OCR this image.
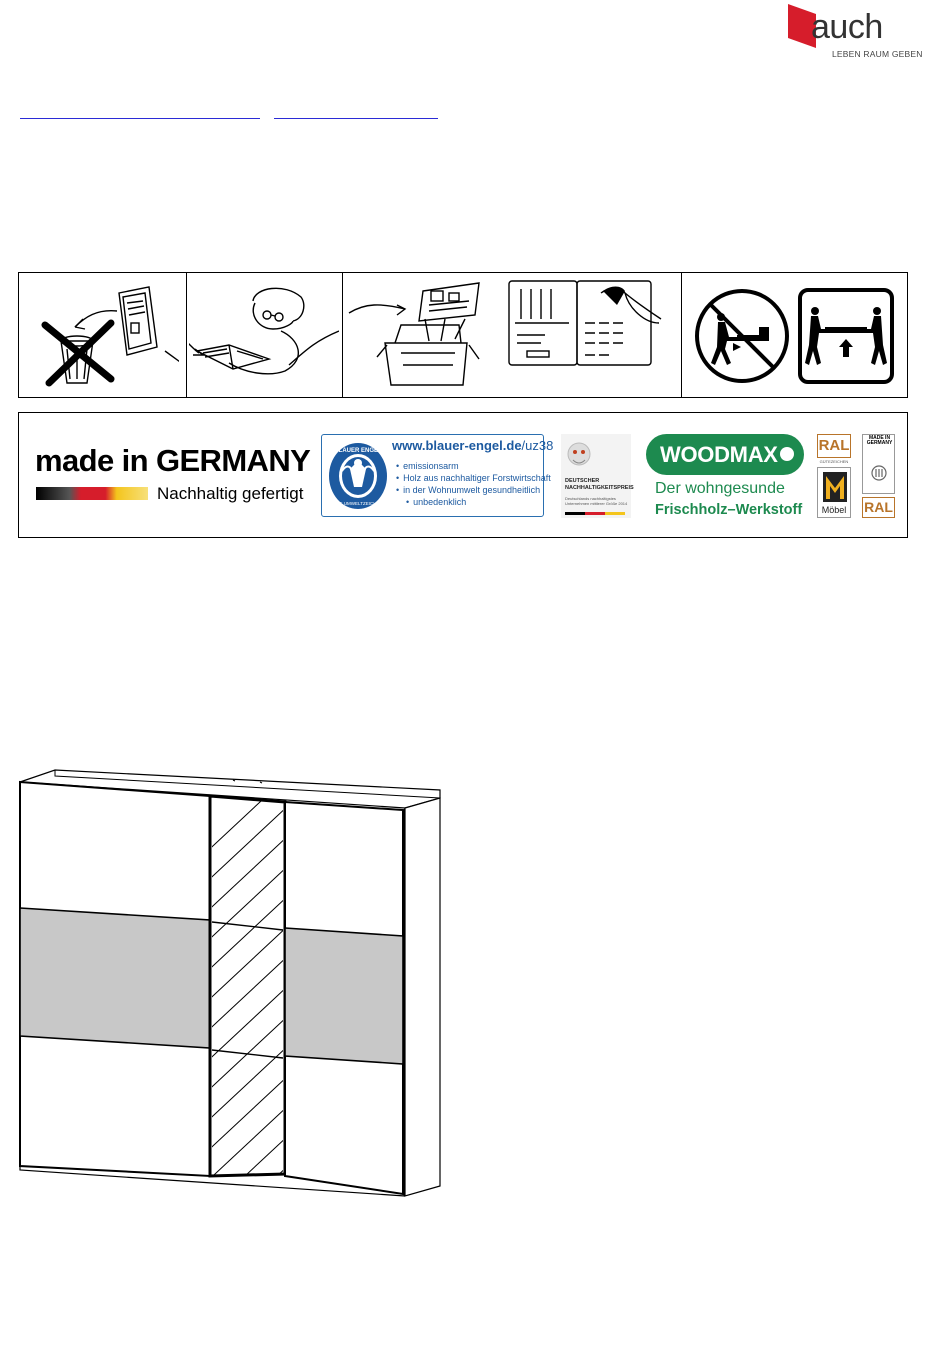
auch
LEBEN RAUM GEBEN
made in GERMANY
Nachhaltig gefertigt
BLAUER ENGEL
DAS UMWELTZEICHEN
www.blauer-engel.de/uz38
• emissionsarm
• Holz aus nachhaltiger Forstwirtschaft
• in der Wohnumwelt gesundheitlich
• unbedenklich
DEUTSCHER
NACHHALTIGKEITSPREIS
Deutschlands nachhaltigstes Unternehmen mittlerer Größe 2014
WOODMAX
Der wohngesunde
Frischholz–Werkstoff
RAL
GÜTEZEICHEN
Möbel
MADE IN GERMANY
RAL
